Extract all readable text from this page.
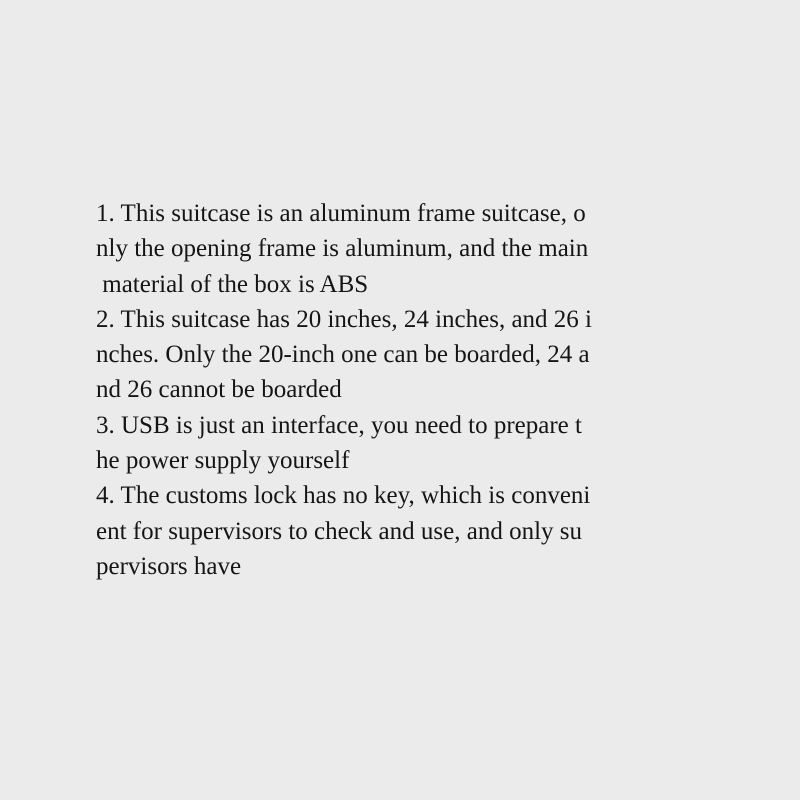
1. This suitcase is an aluminum frame suitcase, o
nly the opening frame is aluminum, and the main
material of the box is ABS
2. This suitcase has 20 inches, 24 inches, and 26 i
nches. Only the 20-inch one can be boarded, 24 a
nd 26 cannot be boarded
3. USB is just an interface, you need to prepare t
he power supply yourself
4. The customs lock has no key, which is conveni
ent for supervisors to check and use, and only su
pervisors have
